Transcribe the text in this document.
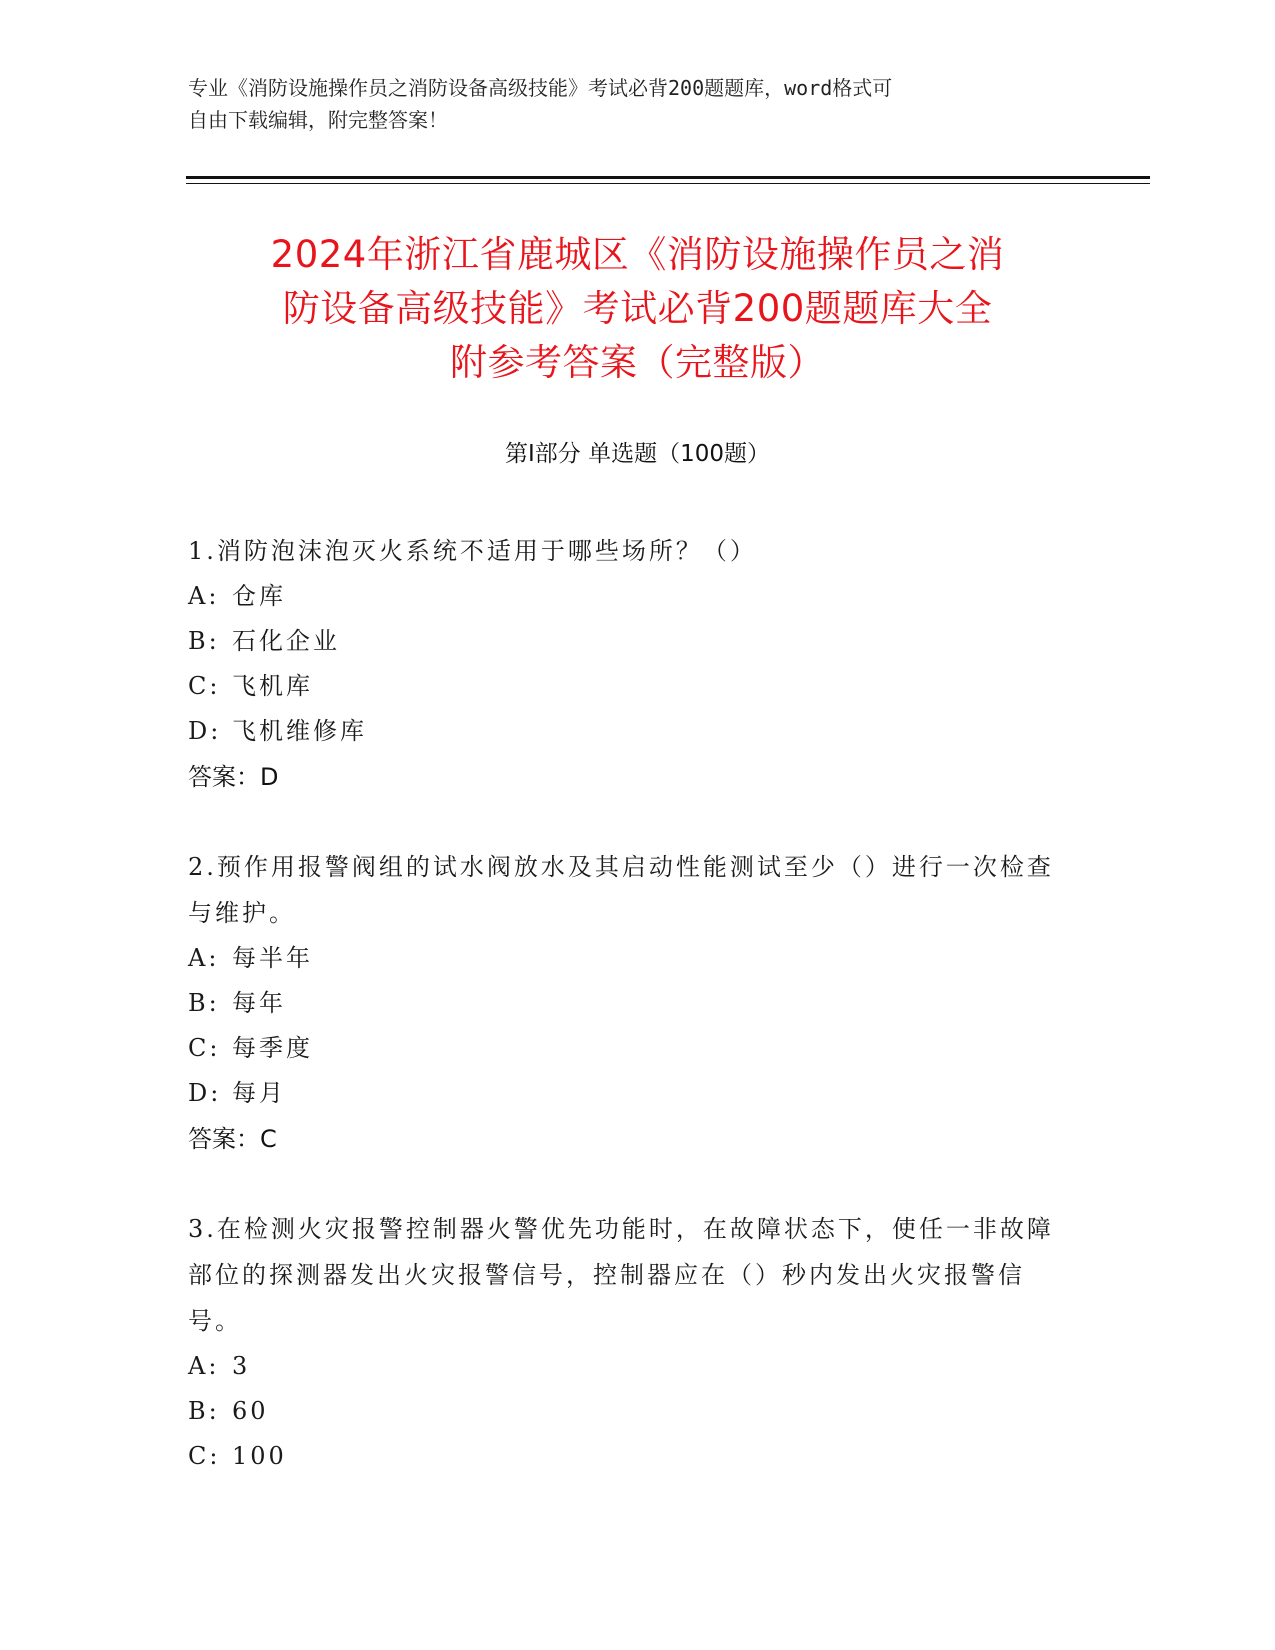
专业《消防设施操作员之消防设备高级技能》考试必背200题题库，word格式可
自由下载编辑，附完整答案！
2024年浙江省鹿城区《消防设施操作员之消
防设备高级技能》考试必背200题题库大全
附参考答案（完整版）
第Ⅰ部分 单选题（100题）
1.消防泡沫泡灭火系统不适用于哪些场所？（）
A: 仓库
B: 石化企业
C: 飞机库
D: 飞机维修库
答案：D
2.预作用报警阀组的试水阀放水及其启动性能测试至少（）进行一次检查与维护。
A: 每半年
B: 每年
C: 每季度
D: 每月
答案：C
3.在检测火灾报警控制器火警优先功能时，在故障状态下，使任一非故障部位的探测器发出火灾报警信号，控制器应在（）秒内发出火灾报警信号。
A: 3
B: 60
C: 100
